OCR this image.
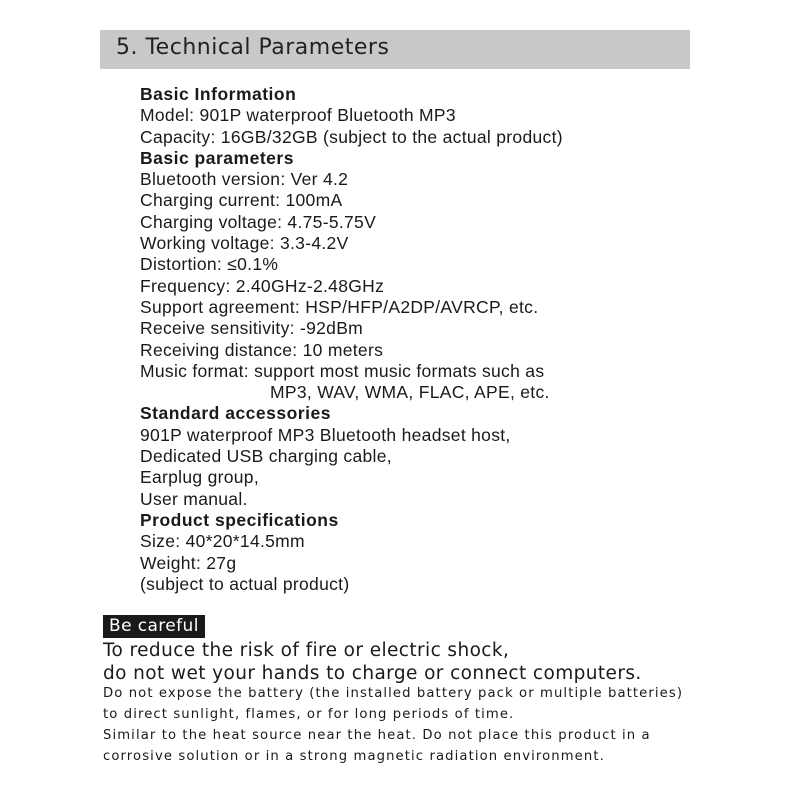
5. Technical Parameters
Basic Information
Model: 901P waterproof Bluetooth MP3
Capacity: 16GB/32GB (subject to the actual product)
Basic parameters
Bluetooth version: Ver 4.2
Charging current: 100mA
Charging voltage: 4.75-5.75V
Working voltage: 3.3-4.2V
Distortion: ≤0.1%
Frequency: 2.40GHz-2.48GHz
Support agreement: HSP/HFP/A2DP/AVRCP, etc.
Receive sensitivity: -92dBm
Receiving distance: 10 meters
Music format: support most music formats such as
MP3, WAV, WMA, FLAC, APE, etc.
Standard accessories
901P waterproof MP3 Bluetooth headset host,
Dedicated USB charging cable,
Earplug group,
User manual.
Product specifications
Size: 40*20*14.5mm
Weight: 27g
(subject to actual product)
Be careful
To reduce the risk of fire or electric shock,
do not wet your hands to charge or connect computers.
Do not expose the battery (the installed battery pack or multiple batteries)
to direct sunlight, flames, or for long periods of time.
Similar to the heat source near the heat. Do not place this product in a
corrosive solution or in a strong magnetic radiation environment.
